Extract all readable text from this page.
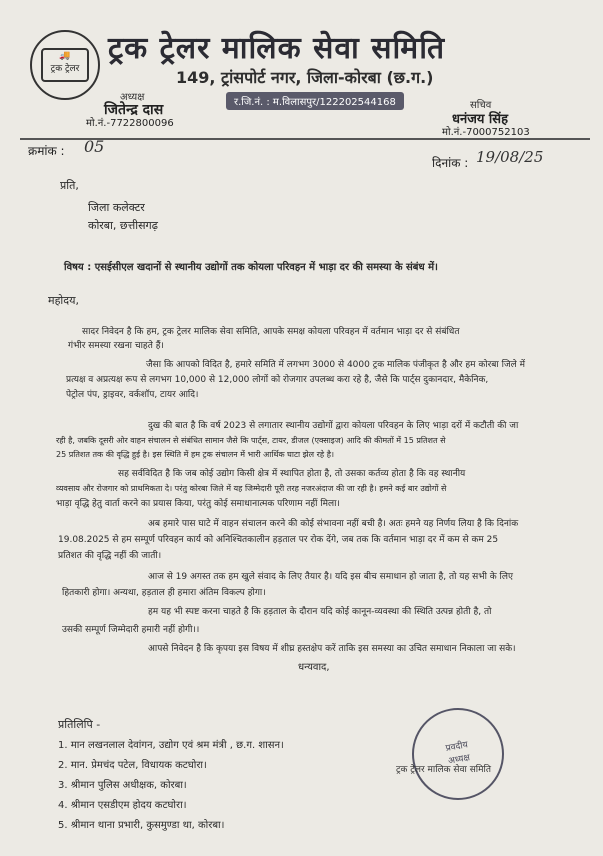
🚚
ट्रक ट्रेलर
ट्रक ट्रेलर मालिक सेवा समिति
149, ट्रांसपोर्ट नगर, जिला-कोरबा (छ.ग.)
र.जि.नं. : म.विलासपुर/122202544168
अध्यक्ष
जितेन्द्र दास
मो.नं.-7722800096
सचिव
धनंजय सिंह
मो.नं.-7000752103
क्रमांक : 05
दिनांक : 19/08/25
प्रति,
जिला कलेक्टर
कोरबा, छत्तीसगढ़
विषय : एसईसीएल खदानों से स्थानीय उद्योगों तक कोयला परिवहन में भाड़ा दर की समस्या के संबंध में।
महोदय,
सादर निवेदन है कि हम, ट्रक ट्रेलर मालिक सेवा समिति, आपके समक्ष कोयला परिवहन में वर्तमान भाड़ा दर से संबंधित
गंभीर समस्या रखना चाहते हैं।
जैसा कि आपको विदित है, हमारे समिति में लगभग 3000 से 4000 ट्रक मालिक पंजीकृत है और हम कोरबा जिले में
प्रत्यक्ष व अप्रत्यक्ष रूप से लगभग 10,000 से 12,000 लोगों को रोजगार उपलब्ध करा रहे है, जैसे कि पार्ट्स दुकानदार, मैकेनिक,
पेट्रोल पंप, ड्राइवर, वर्कशॉप, टायर आदि।
दुख की बात है कि वर्ष 2023 से लगातार स्थानीय उद्योगों द्वारा कोयला परिवहन के लिए भाड़ा दरों में कटौती की जा
रही है, जबकि दूसरी ओर वाहन संचालन से संबंधित सामान जैसे कि पार्ट्स, टायर, डीजल (एक्साइज) आदि की कीमतों में 15 प्रतिशत से
25 प्रतिशत तक की वृद्धि हुई है। इस स्थिति में हम ट्रक संचालन में भारी आर्थिक घाटा झेल रहे है।
सह सर्वविदित है कि जब कोई उद्योग किसी क्षेत्र में स्थापित होता है, तो उसका कर्तव्य होता है कि वह स्थानीय
व्यवसाय और रोजगार को प्राथमिकता दे। परंतु कोरबा जिले में यह जिम्मेदारी पूरी तरह नजरअंदाज की जा रही है। हमने कई बार उद्योगों से
भाड़ा वृद्धि हेतु वार्ता करने का प्रयास किया, परंतु कोई समाधानात्मक परिणाम नहीं मिला।
अब हमारे पास घाटे में वाहन संचालन करने की कोई संभावना नहीं बची है। अतः हमने यह निर्णय लिया है कि दिनांक
19.08.2025 से हम सम्पूर्ण परिवहन कार्य को अनिश्चितकालीन हड़ताल पर रोक देंगे, जब तक कि वर्तमान भाड़ा दर में कम से कम 25
प्रतिशत की वृद्धि नहीं की जाती।
आज से 19 अगस्त तक हम खुले संवाद के लिए तैयार है। यदि इस बीच समाधान हो जाता है, तो यह सभी के लिए
हितकारी होगा। अन्यथा, हड़ताल ही हमारा अंतिम विकल्प होगा।
हम यह भी स्पष्ट करना चाहते है कि हड़ताल के दौरान यदि कोई कानून-व्यवस्था की स्थिति उत्पन्न होती है, तो
उसकी सम्पूर्ण जिम्मेदारी हमारी नहीं होगी।।
आपसे निवेदन है कि कृपया इस विषय में शीघ्र हस्तक्षेप करें ताकि इस समस्या का उचित समाधान निकाला जा सके।
धन्यवाद,
प्रतिलिपि -
1. मान लखनलाल देवांगन, उद्योग एवं श्रम मंत्री , छ.ग. शासन।
2. मान. प्रेमचंद पटेल, विधायक कटघोरा।
3. श्रीमान पुलिस अधीक्षक, कोरबा।
4. श्रीमान एसडीएम होदय कटघोरा।
5. श्रीमान थाना प्रभारी, कुसमुण्डा था, कोरबा।
प्रवदीय
अध्यक्ष
ट्रक ट्रेलर मालिक सेवा समिति
